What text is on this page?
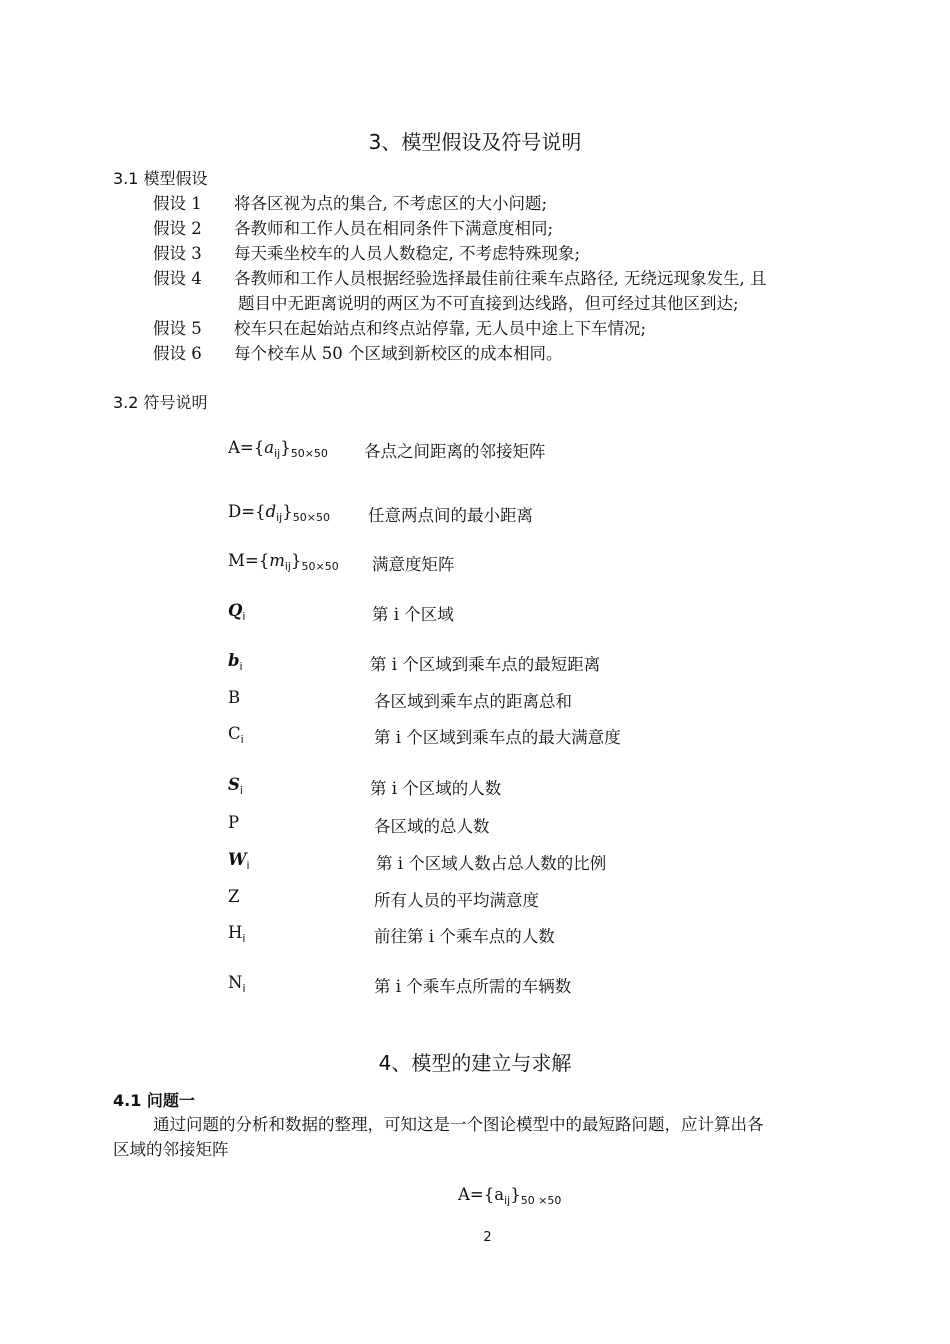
3、模型假设及符号说明
3.1 模型假设
假设 1	将各区视为点的集合, 不考虑区的大小问题;
假设 2	各教师和工作人员在相同条件下满意度相同;
假设 3	每天乘坐校车的人员人数稳定, 不考虑特殊现象;
假设 4	各教师和工作人员根据经验选择最佳前往乘车点路径, 无绕远现象发生, 且
题目中无距离说明的两区为不可直接到达线路，但可经过其他区到达;
假设 5	校车只在起始站点和终点站停靠, 无人员中途上下车情况;
假设 6	每个校车从 50 个区域到新校区的成本相同。
3.2 符号说明
$A=\{a_{ij}\}_{50\times 50}$ 各点之间距离的邻接矩阵
$D=\{d_{ij}\}_{50\times 50}$ 任意两点间的最小距离
$M=\{m_{ij}\}_{50\times 50}$ 满意度矩阵
$Q_i$	第 i 个区域
$b_i$	第 i 个区域到乘车点的最短距离
B	各区域到乘车点的距离总和
$C_i$	第 i 个区域到乘车点的最大满意度
$S_i$	第 i 个区域的人数
P	各区域的总人数
$W_i$	第 i 个区域人数占总人数的比例
Z	所有人员的平均满意度
$H_i$	前往第 i 个乘车点的人数
$N_i$	第 i 个乘车点所需的车辆数
4、模型的建立与求解
4.1 问题一
通过问题的分析和数据的整理，可知这是一个图论模型中的最短路问题，应计算出各
区域的邻接矩阵
$A=\{a_{ij}\}_{50 \times 50}$
2
